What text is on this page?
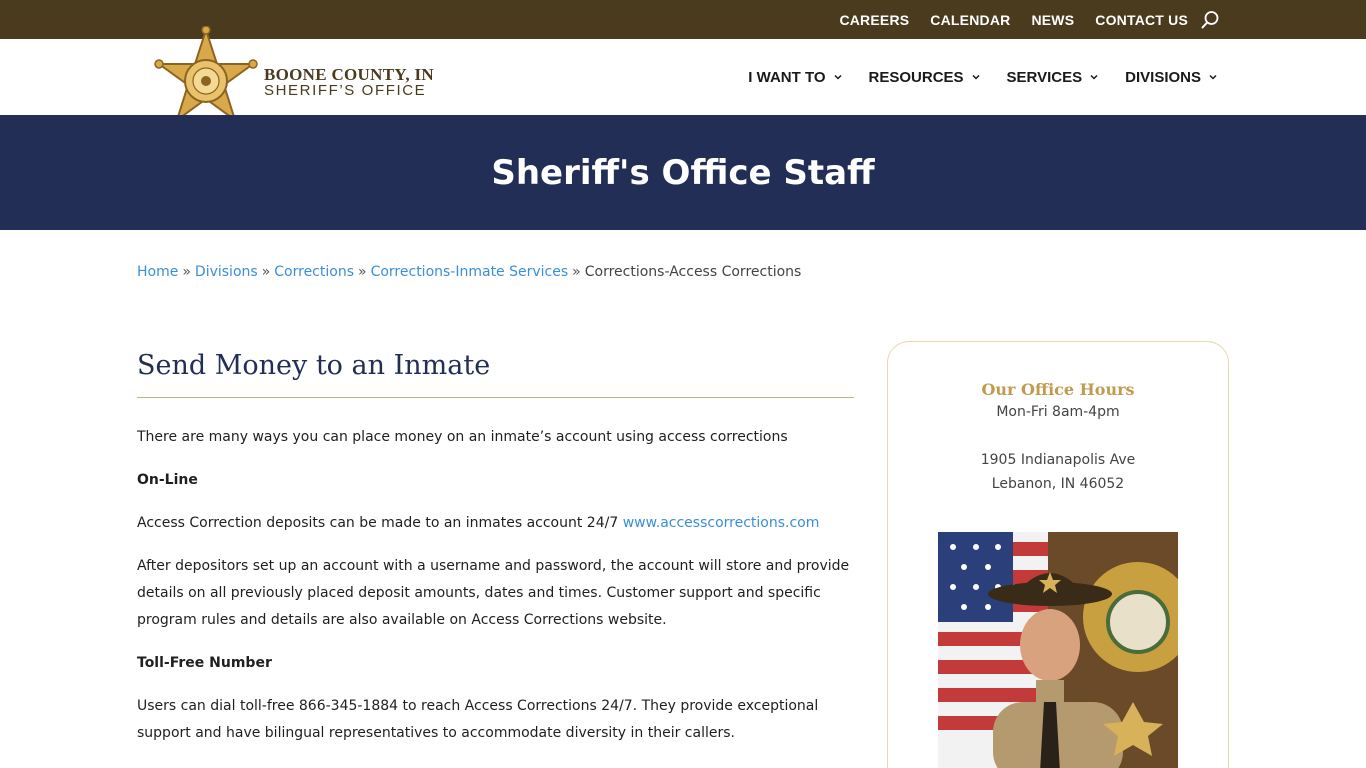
CAREERS CALENDAR NEWS CONTACT US
BOONE COUNTY, IN
SHERIFF’S OFFICE
I WANT TO	RESOURCES	SERVICES	DIVISIONS
Sheriff's Office Staff
Home » Divisions » Corrections » Corrections-Inmate Services » Corrections-Access Corrections
Send Money to an Inmate

There are many ways you can place money on an inmate’s account using access corrections

On-Line

Access Correction deposits can be made to an inmates account 24/7 www.accesscorrections.com

After depositors set up an account with a username and password, the account will store and provide details on all previously placed deposit amounts, dates and times. Customer support and specific program rules and details are also available on Access Corrections website.

Toll-Free Number

Users can dial toll-free 866-345-1884 to reach Access Corrections 24/7. They provide exceptional support and have bilingual representatives to accommodate diversity in their callers.

Our Office Hours
Mon-Fri 8am-4pm
1905 Indianapolis Ave
Lebanon, IN 46052
